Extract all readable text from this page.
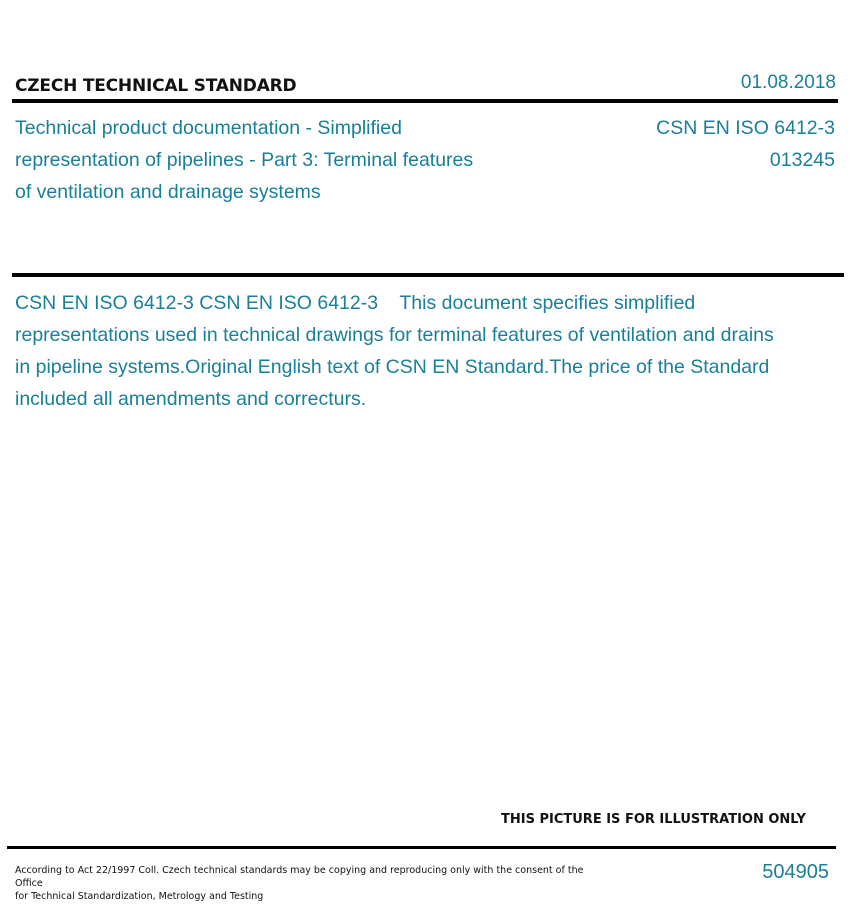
CZECH TECHNICAL STANDARD	01.08.2018
Technical product documentation - Simplified representation of pipelines - Part 3: Terminal features of ventilation and drainage systems
CSN EN ISO 6412-3
013245
CSN EN ISO 6412-3 CSN EN ISO 6412-3    This document specifies simplified representations used in technical drawings for terminal features of ventilation and drains in pipeline systems.Original English text of CSN EN Standard.The price of the Standard included all amendments and correcturs.
THIS PICTURE IS FOR ILLUSTRATION ONLY
According to Act 22/1997 Coll. Czech technical standards may be copying and reproducing only with the consent of the Office
for Technical Standardization, Metrology and Testing
504905
